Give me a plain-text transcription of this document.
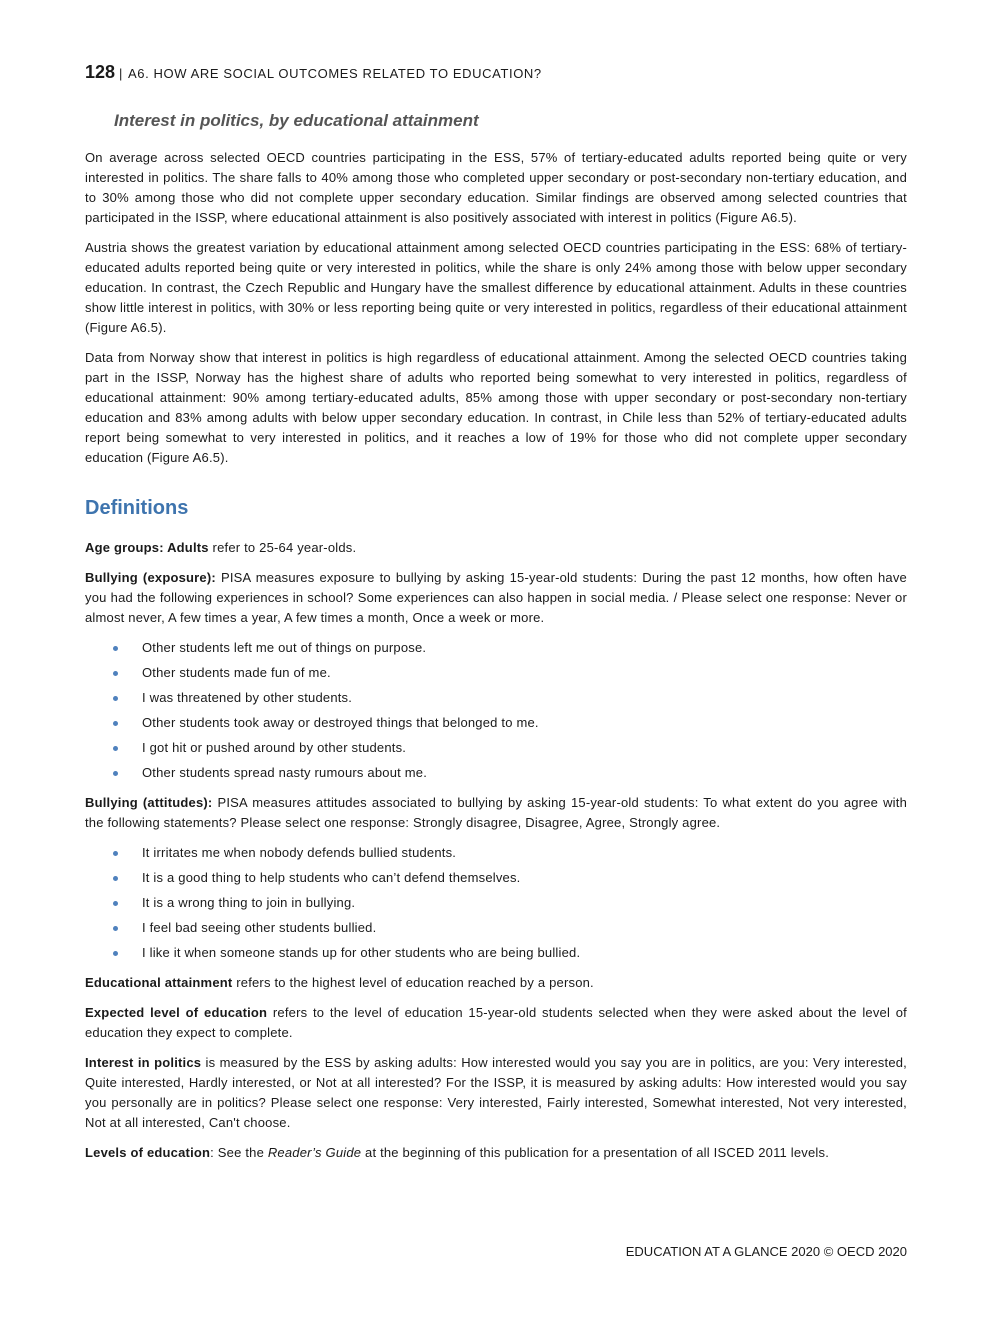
128 | A6. HOW ARE SOCIAL OUTCOMES RELATED TO EDUCATION?
Interest in politics, by educational attainment

On average across selected OECD countries participating in the ESS, 57% of tertiary-educated adults reported being quite or very interested in politics. The share falls to 40% among those who completed upper secondary or post-secondary non-tertiary education, and to 30% among those who did not complete upper secondary education. Similar findings are observed among selected countries that participated in the ISSP, where educational attainment is also positively associated with interest in politics (Figure A6.5).

Austria shows the greatest variation by educational attainment among selected OECD countries participating in the ESS: 68% of tertiary-educated adults reported being quite or very interested in politics, while the share is only 24% among those with below upper secondary education. In contrast, the Czech Republic and Hungary have the smallest difference by educational attainment. Adults in these countries show little interest in politics, with 30% or less reporting being quite or very interested in politics, regardless of their educational attainment (Figure A6.5).

Data from Norway show that interest in politics is high regardless of educational attainment. Among the selected OECD countries taking part in the ISSP, Norway has the highest share of adults who reported being somewhat to very interested in politics, regardless of educational attainment: 90% among tertiary-educated adults, 85% among those with upper secondary or post-secondary non-tertiary education and 83% among adults with below upper secondary education. In contrast, in Chile less than 52% of tertiary-educated adults report being somewhat to very interested in politics, and it reaches a low of 19% for those who did not complete upper secondary education (Figure A6.5).

Definitions

Age groups: Adults refer to 25-64 year-olds.

Bullying (exposure): PISA measures exposure to bullying by asking 15-year-old students: During the past 12 months, how often have you had the following experiences in school? Some experiences can also happen in social media. / Please select one response: Never or almost never, A few times a year, A few times a month, Once a week or more.

Other students left me out of things on purpose.
Other students made fun of me.
I was threatened by other students.
Other students took away or destroyed things that belonged to me.
I got hit or pushed around by other students.
Other students spread nasty rumours about me.

Bullying (attitudes): PISA measures attitudes associated to bullying by asking 15-year-old students: To what extent do you agree with the following statements? Please select one response: Strongly disagree, Disagree, Agree, Strongly agree.

It irritates me when nobody defends bullied students.
It is a good thing to help students who can’t defend themselves.
It is a wrong thing to join in bullying.
I feel bad seeing other students bullied.
I like it when someone stands up for other students who are being bullied.

Educational attainment refers to the highest level of education reached by a person.

Expected level of education refers to the level of education 15-year-old students selected when they were asked about the level of education they expect to complete.

Interest in politics is measured by the ESS by asking adults: How interested would you say you are in politics, are you: Very interested, Quite interested, Hardly interested, or Not at all interested? For the ISSP, it is measured by asking adults: How interested would you say you personally are in politics? Please select one response: Very interested, Fairly interested, Somewhat interested, Not very interested, Not at all interested, Can't choose.

Levels of education: See the Reader’s Guide at the beginning of this publication for a presentation of all ISCED 2011 levels.

EDUCATION AT A GLANCE 2020 © OECD 2020
